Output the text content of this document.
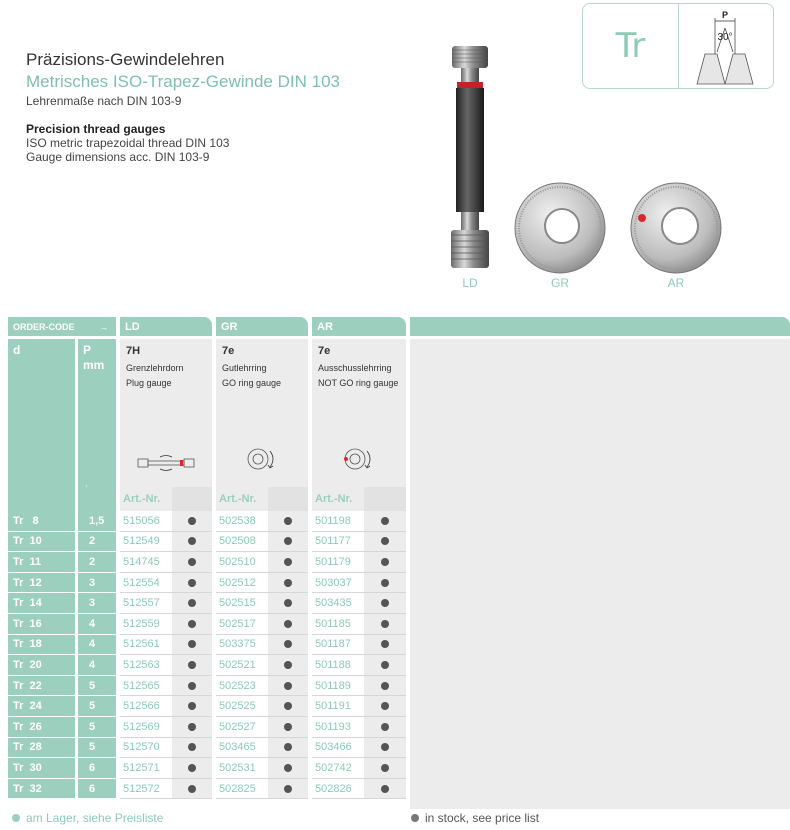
Präzisions-Gewindelehren
Metrisches ISO-Trapez-Gewinde DIN 103
Lehrenmaße nach DIN 103-9
Precision thread gauges
ISO metric trapezoidal thread DIN 103
Gauge dimensions acc. DIN 103-9
Tr
P
30°
LD	GR	AR
ORDER-CODE	→	LD	GR	AR
d	P
mm
7H
Grenzlehrdorn
Plug gauge
7e
Gutlehrring
GO ring gauge
7e
Ausschusslehrring
NOT GO ring gauge
Art.-Nr.	Art.-Nr.	Art.-Nr.
Tr   8	1,5	515056	502538	501198
Tr  10	2	512549	502508	501177
Tr  11	2	514745	502510	501179
Tr  12	3	512554	502512	503037
Tr  14	3	512557	502515	503435
Tr  16	4	512559	502517	501185
Tr  18	4	512561	503375	501187
Tr  20	4	512563	502521	501188
Tr  22	5	512565	502523	501189
Tr  24	5	512566	502525	501191
Tr  26	5	512569	502527	501193
Tr  28	5	512570	503465	503466
Tr  30	6	512571	502531	502742
Tr  32	6	512572	502825	502826
am Lager, siehe Preisliste	in stock, see price list
